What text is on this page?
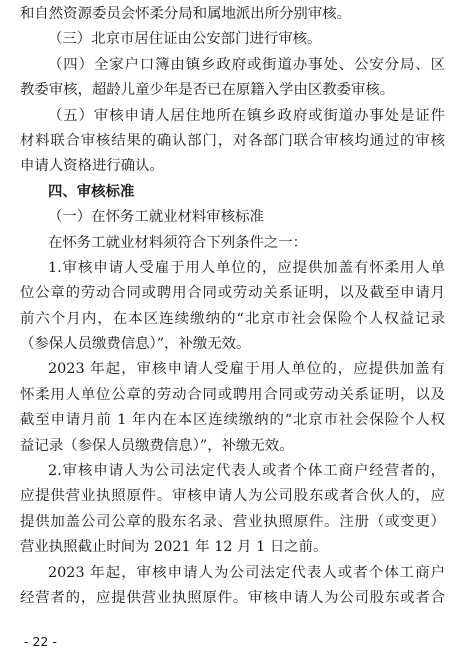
和自然资源委员会怀柔分局和属地派出所分别审核。
（三）北京市居住证由公安部门进行审核。
（四）全家户口簿由镇乡政府或街道办事处、公安分局、区
教委审核，超龄儿童少年是否已在原籍入学由区教委审核。
（五）审核申请人居住地所在镇乡政府或街道办事处是证件
材料联合审核结果的确认部门，对各部门联合审核均通过的审核
申请人资格进行确认。
四、审核标准
（一）在怀务工就业材料审核标准
在怀务工就业材料须符合下列条件之一：
1.审核申请人受雇于用人单位的，应提供加盖有怀柔用人单
位公章的劳动合同或聘用合同或劳动关系证明，以及截至申请月
前六个月内，在本区连续缴纳的“北京市社会保险个人权益记录
（参保人员缴费信息）”，补缴无效。
2023 年起，审核申请人受雇于用人单位的，应提供加盖有
怀柔用人单位公章的劳动合同或聘用合同或劳动关系证明，以及
截至申请月前 1 年内在本区连续缴纳的“北京市社会保险个人权
益记录（参保人员缴费信息）”，补缴无效。
2.审核申请人为公司法定代表人或者个体工商户经营者的，
应提供营业执照原件。审核申请人为公司股东或者合伙人的，应
提供加盖公司公章的股东名录、营业执照原件。注册（或变更）
营业执照截止时间为 2021 年 12 月 1 日之前。
2023 年起，审核申请人为公司法定代表人或者个体工商户
经营者的，应提供营业执照原件。审核申请人为公司股东或者合
- 22 -
